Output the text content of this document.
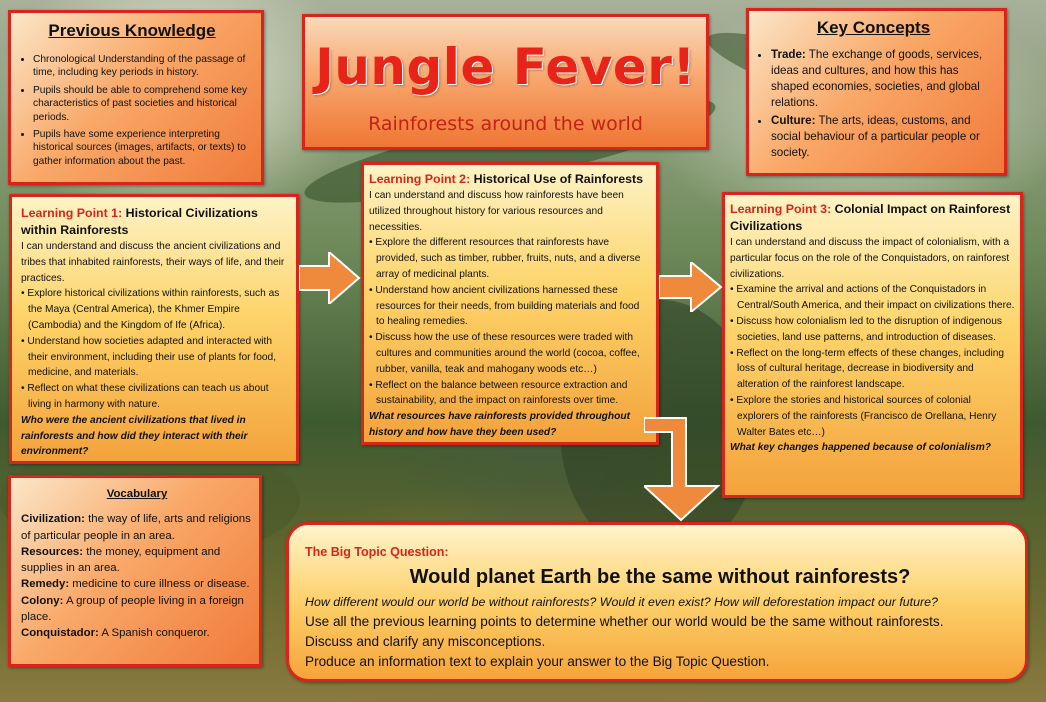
Previous Knowledge

• Chronological Understanding of the passage of time, including key periods in history.
• Pupils should be able to comprehend some key characteristics of past societies and historical periods.
• Pupils have some experience interpreting historical sources (images, artifacts, or texts) to gather information about the past.
Jungle Fever!
Rainforests around the world

Key Concepts

• Trade: The exchange of goods, services, ideas and cultures, and how this has shaped economies, societies, and global relations.
• Culture: The arts, ideas, customs, and social behaviour of a particular people or society.
Learning Point 1: Historical Civilizations within Rainforests
I can understand and discuss the ancient civilizations and tribes that inhabited rainforests, their ways of life, and their practices.
• Explore historical civilizations within rainforests, such as the Maya (Central America), the Khmer Empire (Cambodia) and the Kingdom of Ife (Africa).
• Understand how societies adapted and interacted with their environment, including their use of plants for food, medicine, and materials.
• Reflect on what these civilizations can teach us about living in harmony with nature.
Who were the ancient civilizations that lived in rainforests and how did they interact with their environment?
Learning Point 2: Historical Use of Rainforests
I can understand and discuss how rainforests have been utilized throughout history for various resources and necessities.
• Explore the different resources that rainforests have provided, such as timber, rubber, fruits, nuts, and a diverse array of medicinal plants.
• Understand how ancient civilizations harnessed these resources for their needs, from building materials and food to healing remedies.
• Discuss how the use of these resources were traded with cultures and communities around the world (cocoa, coffee, rubber, vanilla, teak and mahogany woods etc…)
• Reflect on the balance between resource extraction and sustainability, and the impact on rainforests over time.
What resources have rainforests provided throughout history and how have they been used?
Learning Point 3: Colonial Impact on Rainforest Civilizations
I can understand and discuss the impact of colonialism, with a particular focus on the role of the Conquistadors, on rainforest civilizations.
• Examine the arrival and actions of the Conquistadors in Central/South America, and their impact on civilizations there.
• Discuss how colonialism led to the disruption of indigenous societies, land use patterns, and introduction of diseases.
• Reflect on the long-term effects of these changes, including loss of cultural heritage, decrease in biodiversity and alteration of the rainforest landscape.
• Explore the stories and historical sources of colonial explorers of the rainforests (Francisco de Orellana, Henry Walter Bates etc…)
What key changes happened because of colonialism?

Vocabulary

Civilization: the way of life, arts and religions of particular people in an area.

Resources: the money, equipment and supplies in an area.

Remedy: medicine to cure illness or disease.

Colony: A group of people living in a foreign place.

Conquistador: A Spanish conqueror.

The Big Topic Question:
Would planet Earth be the same without rainforests?
How different would our world be without rainforests? Would it even exist? How will deforestation impact our future?
Use all the previous learning points to determine whether our world would be the same without rainforests.
Discuss and clarify any misconceptions.
Produce an information text to explain your answer to the Big Topic Question.
